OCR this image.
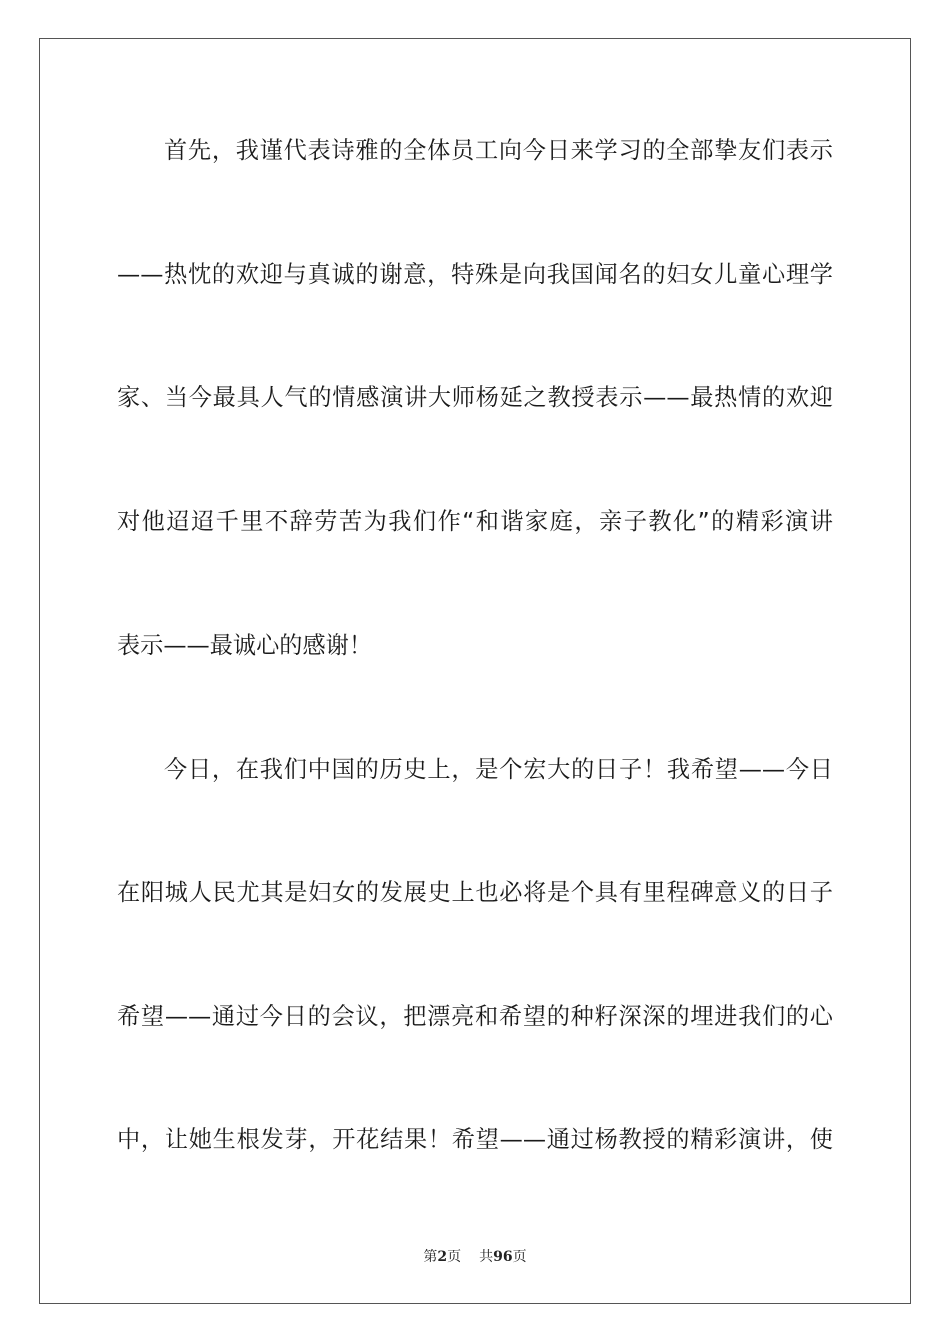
首先，我谨代表诗雅的全体员工向今日来学习的全部挚友们表示
——热忱的欢迎与真诚的谢意，特殊是向我国闻名的妇女儿童心理学
家、当今最具人气的情感演讲大师杨延之教授表示——最热情的欢迎
对他迢迢千里不辞劳苦为我们作“和谐家庭，亲子教化”的精彩演讲
表示——最诚心的感谢！
今日，在我们中国的历史上，是个宏大的日子！我希望——今日
在阳城人民尤其是妇女的发展史上也必将是个具有里程碑意义的日子
希望——通过今日的会议，把漂亮和希望的种籽深深的埋进我们的心
中，让她生根发芽，开花结果！希望——通过杨教授的精彩演讲，使
第2页 共96页
